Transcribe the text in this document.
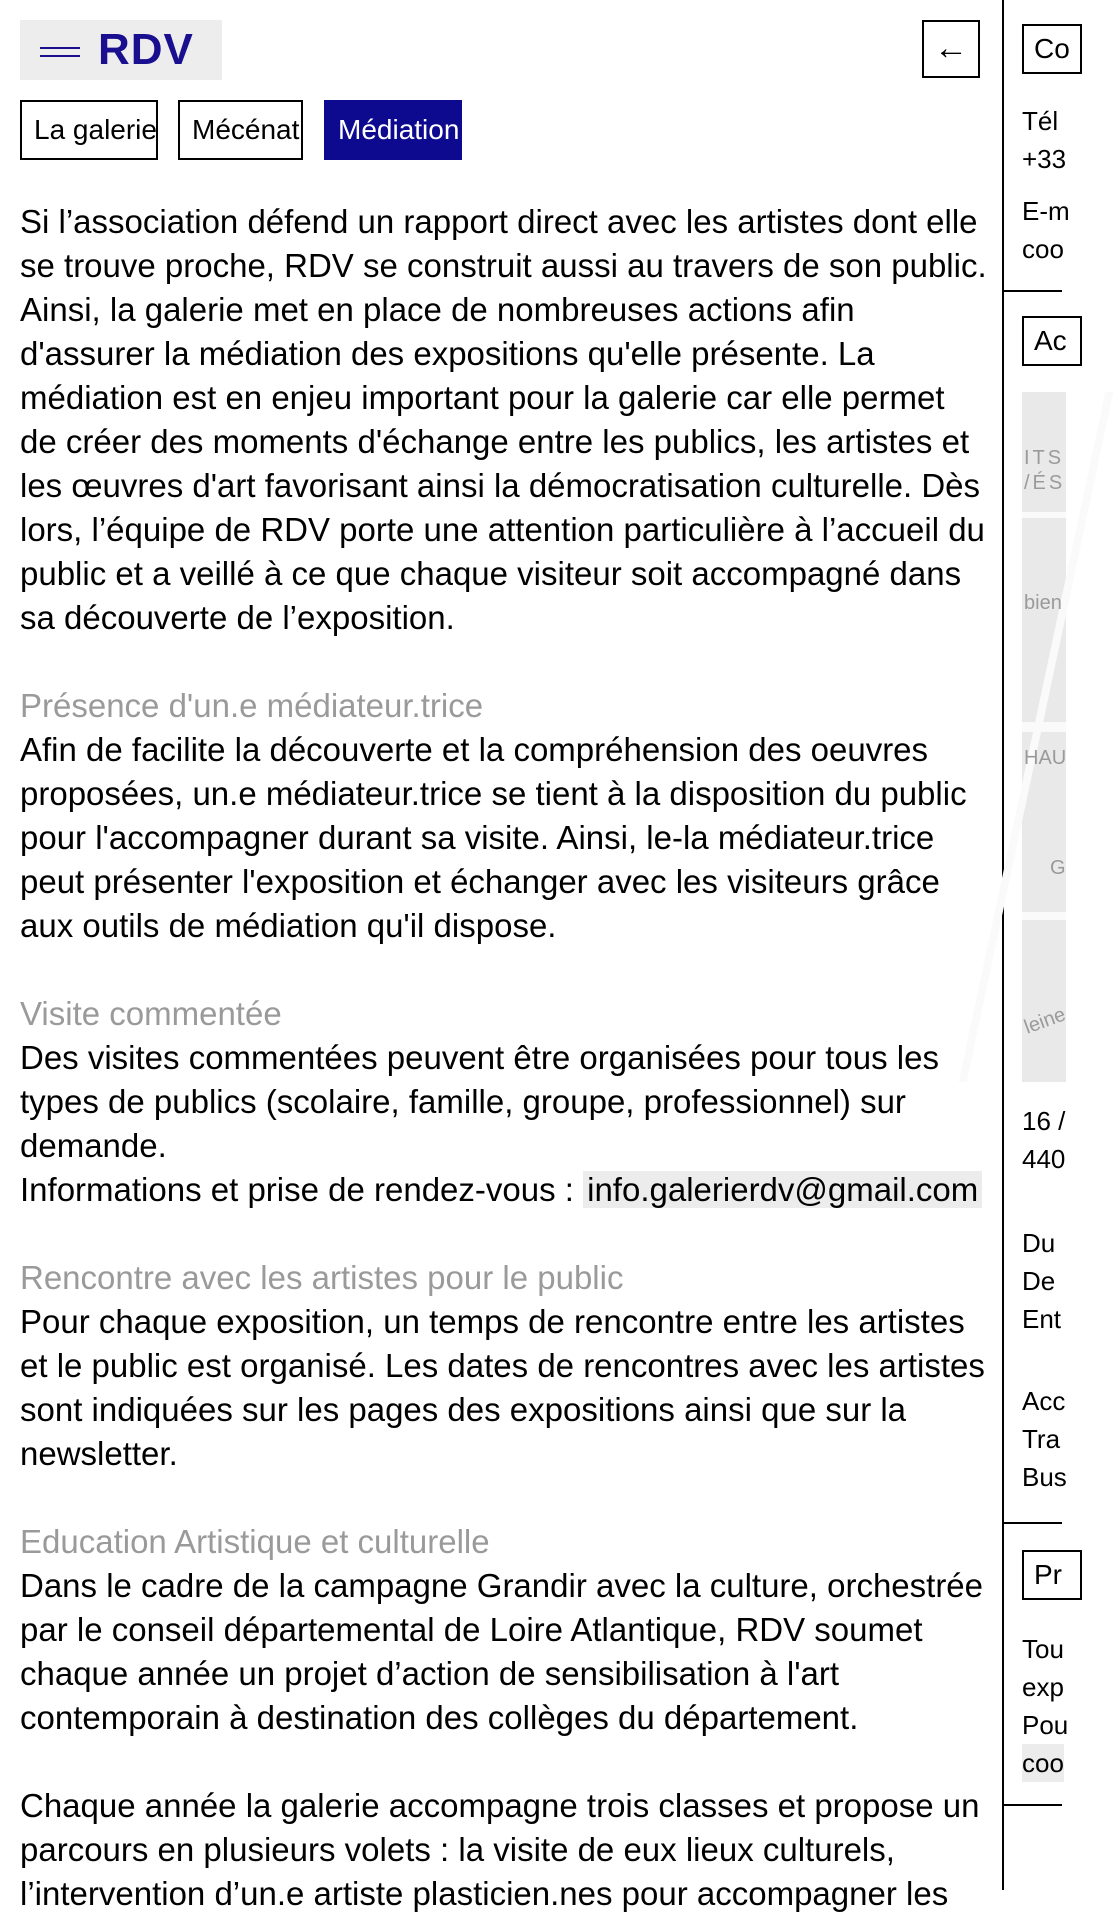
RDV	←
La galerie	Mécénat	Médiation

Si l’association défend un rapport direct avec les artistes dont elle se trouve proche, RDV se construit aussi au travers de son public. Ainsi, la galerie met en place de nombreuses actions afin d'assurer la médiation des expositions qu'elle présente. La médiation est en enjeu important pour la galerie car elle permet de créer des moments d'échange entre les publics, les artistes et les œuvres d'art favorisant ainsi la démocratisation culturelle. Dès lors, l’équipe de RDV porte une attention particulière à l’accueil du public et a veillé à ce que chaque visiteur soit accompagné dans sa découverte de l’exposition.

Présence d'un.e médiateur.trice

Afin de facilite la découverte et la compréhension des oeuvres proposées, un.e médiateur.trice se tient à la disposition du public pour l'accompagner durant sa visite. Ainsi, le-la médiateur.trice peut présenter l'exposition et échanger avec les visiteurs grâce aux outils de médiation qu'il dispose.

Visite commentée

Des visites commentées peuvent être organisées pour tous les types de publics (scolaire, famille, groupe, professionnel) sur demande.

Informations et prise de rendez-vous : info.galerierdv@gmail.com

Rencontre avec les artistes pour le public

Pour chaque exposition, un temps de rencontre entre les artistes et le public est organisé. Les dates de rencontres avec les artistes sont indiquées sur les pages des expositions ainsi que sur la newsletter.

Education Artistique et culturelle

Dans le cadre de la campagne Grandir avec la culture, orchestrée par le conseil départemental de Loire Atlantique, RDV soumet chaque année un projet d’action de sensibilisation à l'art contemporain à destination des collèges du département.

Chaque année la galerie accompagne trois classes et propose un parcours en plusieurs volets : la visite de eux lieux culturels, l’intervention d’un.e artiste plasticien.nes pour accompagner les

Co
Tél
+33
E-m
coo
Ac
ITS
/ÉS
bien
HAU
G
leine
16 /
440
Du
De
Ent
Acc
Tra
Bus
Pr
Tou
exp
Pou
coo
